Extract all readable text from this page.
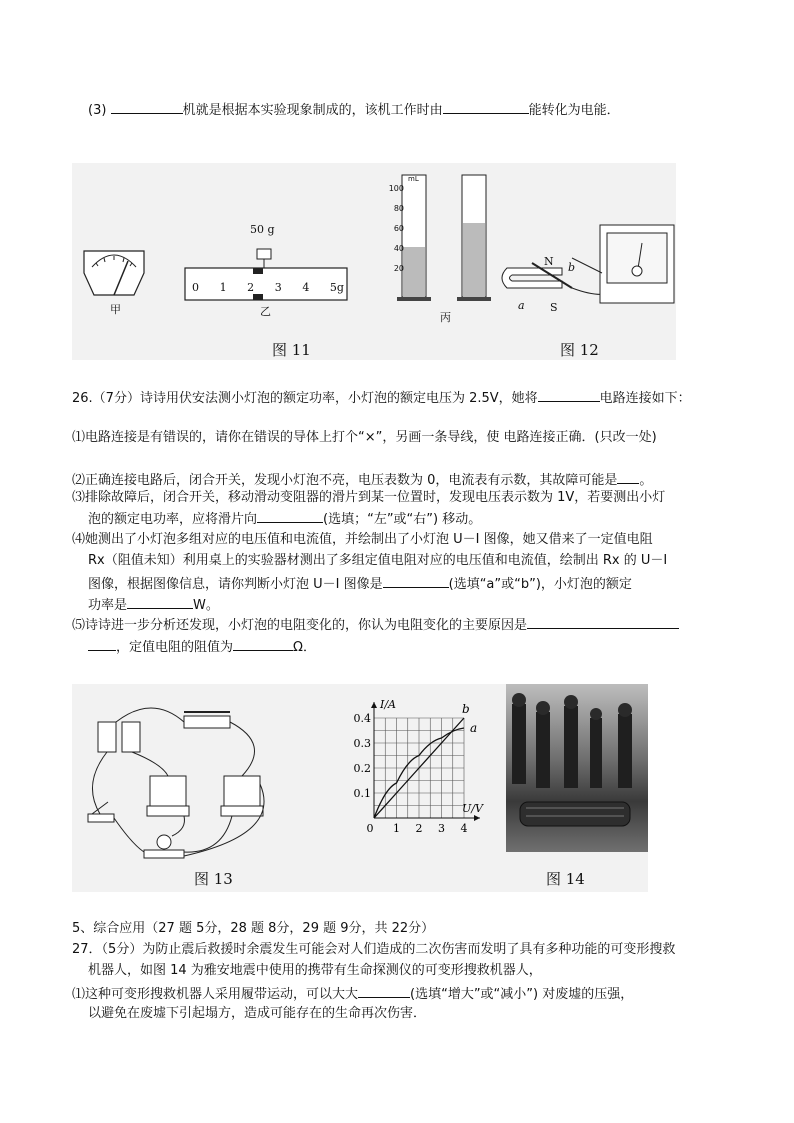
(3)	机就是根据本实验现象制成的，该机工作时由	能转化为电能．
甲
50 g
0 1 2 3 4 5g
乙
mL
100
80
60
40
20
丙
N
S
a
b
图 11	图 12
26.（7分）诗诗用伏安法测小灯泡的额定功率，小灯泡的额定电压为 2.5V，她将	电路连接如下：
⑴电路连接是有错误的，请你在错误的导体上打个“×”，另画一条导线，使 电路连接正确．(只改一处)
⑵正确连接电路后，闭合开关，发现小灯泡不亮，电压表数为 0，电流表有示数，其故障可能是 。
⑶排除故障后，闭合开关，移动滑动变阻器的滑片到某一位置时，发现电压表示数为 1V，若要测出小灯
泡的额定电功率，应将滑片向	(选填；“左”或“右”) 移动。
⑷她测出了小灯泡多组对应的电压值和电流值，并绘制出了小灯泡 U－I 图像，她又借来了一定值电阻
Rx（阻值未知）利用桌上的实验器材测出了多组定值电阻对应的电压值和电流值，绘制出 Rx 的 U－I
图像，根据图像信息，请你判断小灯泡 U－I 图像是	(选填“a”或“b”)，小灯泡的额定
功率是	W。
⑸诗诗进一步分析还发现，小灯泡的电阻变化的，你认为电阻变化的主要原因是
，定值电阻的阻值为	Ω．
图 13
0.4
0.3
0.2
0.1
0 1 2 3 4
I/A
U/V
a
b
图 14
5、综合应用（27 题 5分，28 题 8分，29 题 9分，共 22分）
27．（5分）为防止震后救援时余震发生可能会对人们造成的二次伤害而发明了具有多种功能的可变形搜救
机器人，如图 14 为雅安地震中使用的携带有生命探测仪的可变形搜救机器人，
⑴这种可变形搜救机器人采用履带运动，可以大大	(选填“增大”或“减小”) 对废墟的压强，
以避免在废墟下引起塌方，造成可能存在的生命再次伤害．
